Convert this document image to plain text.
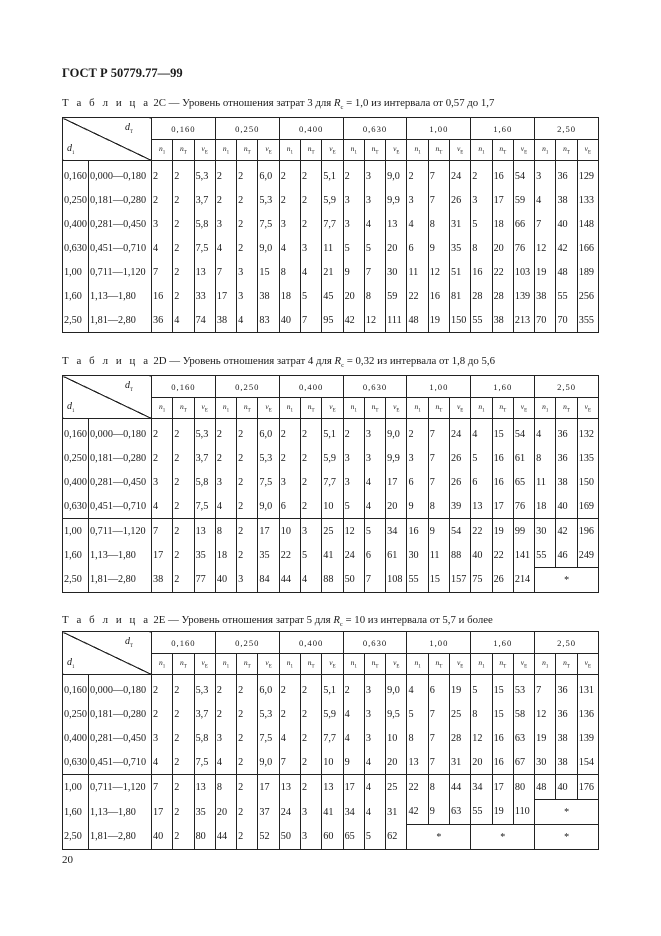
ГОСТ Р 50779.77—99
Т а б л и ц а 2С — Уровень отношения затрат 3 для $R_c = 1,0$ из интервала от 0,57 до 1,7
$d_T$
$d_1$		0,160			0,250			0,400			0,630			1,00			1,60			2,50		
		$n_1$	$n_T$	$\nu_E$	$n_1$	$n_T$	$\nu_E$	$n_1$	$n_T$	$\nu_E$	$n_1$	$n_T$	$\nu_E$	$n_1$	$n_T$	$\nu_E$	$n_1$	$n_T$	$\nu_E$	$n_1$	$n_T$	$\nu_E$
0,160	0,000—0,180	2	2	5,3	2	2	6,0	2	2	5,1	2	3	9,0	2	7	24	2	16	54	3	36	129
0,250	0,181—0,280	2	2	3,7	2	2	5,3	2	2	5,9	3	3	9,9	3	7	26	3	17	59	4	38	133
0,400	0,281—0,450	3	2	5,8	3	2	7,5	3	2	7,7	3	4	13	4	8	31	5	18	66	7	40	148
0,630	0,451—0,710	4	2	7,5	4	2	9,0	4	3	11	5	5	20	6	9	35	8	20	76	12	42	166
1,00	0,711—1,120	7	2	13	7	3	15	8	4	21	9	7	30	11	12	51	16	22	103	19	48	189
1,60	1,13—1,80	16	2	33	17	3	38	18	5	45	20	8	59	22	16	81	28	28	139	38	55	256
2,50	1,81—2,80	36	4	74	38	4	83	40	7	95	42	12	111	48	19	150	55	38	213	70	70	355
Т а б л и ц а 2D — Уровень отношения затрат 4 для $R_c = 0,32$ из интервала от 1,8 до 5,6
$d_T$
$d_1$		0,160			0,250			0,400			0,630			1,00			1,60			2,50		
		$n_1$	$n_T$	$\nu_E$	$n_1$	$n_T$	$\nu_E$	$n_1$	$n_T$	$\nu_E$	$n_1$	$n_T$	$\nu_E$	$n_1$	$n_T$	$\nu_E$	$n_1$	$n_T$	$\nu_E$	$n_1$	$n_T$	$\nu_E$
0,160	0,000—0,180	2	2	5,3	2	2	6,0	2	2	5,1	2	3	9,0	2	7	24	4	15	54	4	36	132
0,250	0,181—0,280	2	2	3,7	2	2	5,3	2	2	5,9	3	3	9,9	3	7	26	5	16	61	8	36	135
0,400	0,281—0,450	3	2	5,8	3	2	7,5	3	2	7,7	3	4	17	6	7	26	6	16	65	11	38	150
0,630	0,451—0,710	4	2	7,5	4	2	9,0	6	2	10	5	4	20	9	8	39	13	17	76	18	40	169
1,00	0,711—1,120	7	2	13	8	2	17	10	3	25	12	5	34	16	9	54	22	19	99	30	42	196
1,60	1,13—1,80	17	2	35	18	2	35	22	5	41	24	6	61	30	11	88	40	22	141	55	46	249
2,50	1,81—2,80	38	2	77	40	3	84	44	4	88	50	7	108	55	15	157	75	26	214	*		
Т а б л и ц а 2Е — Уровень отношения затрат 5 для $R_c = 10$ из интервала от 5,7 и более
$d_T$
$d_1$		0,160			0,250			0,400			0,630			1,00			1,60			2,50		
		$n_1$	$n_T$	$\nu_E$	$n_1$	$n_T$	$\nu_E$	$n_1$	$n_T$	$\nu_E$	$n_1$	$n_T$	$\nu_E$	$n_1$	$n_T$	$\nu_E$	$n_1$	$n_T$	$\nu_E$	$n_1$	$n_T$	$\nu_E$
0,160	0,000—0,180	2	2	5,3	2	2	6,0	2	2	5,1	2	3	9,0	4	6	19	5	15	53	7	36	131
0,250	0,181—0,280	2	2	3,7	2	2	5,3	2	2	5,9	4	3	9,5	5	7	25	8	15	58	12	36	136
0,400	0,281—0,450	3	2	5,8	3	2	7,5	4	2	7,7	4	3	10	8	7	28	12	16	63	19	38	139
0,630	0,451—0,710	4	2	7,5	4	2	9,0	7	2	10	9	4	20	13	7	31	20	16	67	30	38	154
1,00	0,711—1,120	7	2	13	8	2	17	13	2	13	17	4	25	22	8	44	34	17	80	48	40	176
1,60	1,13—1,80	17	2	35	20	2	37	24	3	41	34	4	31	42	9	63	55	19	110	*		
2,50	1,81—2,80	40	2	80	44	2	52	50	3	60	65	5	62	*			*			*		
20
